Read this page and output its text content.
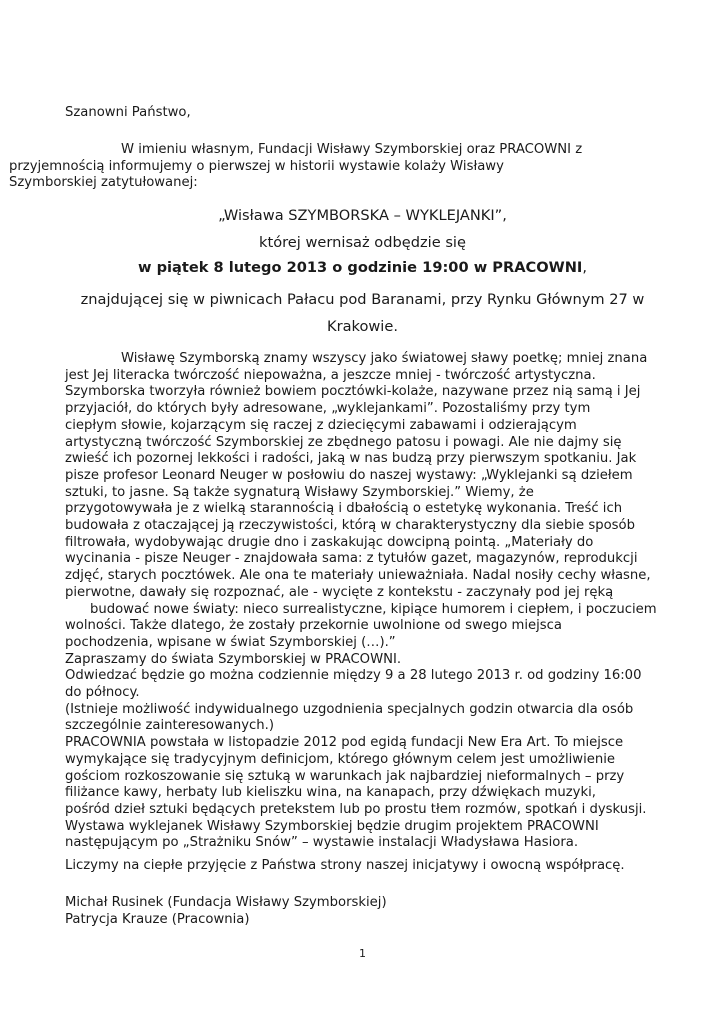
Szanowni Państwo,

W imieniu własnym, Fundacji Wisławy Szymborskiej oraz PRACOWNI z
przyjemnością informujemy o pierwszej w historii wystawie kolaży Wisławy
Szymborskiej zatytułowanej:

„Wisława SZYMBORSKA – WYKLEJANKI”,

której wernisaż odbędzie się

w piątek 8 lutego 2013 o godzinie 19:00 w PRACOWNI,

znajdującej się w piwnicach Pałacu pod Baranami, przy Rynku Głównym 27 w
Krakowie.
Wisławę Szymborską znamy wszyscy jako światowej sławy poetkę; mniej znana
jest Jej literacka twórczość niepoważna, a jeszcze mniej - twórczość artystyczna.
Szymborska tworzyła również bowiem pocztówki-kolaże, nazywane przez nią samą i Jej
przyjaciół, do których były adresowane, „wyklejankami”. Pozostaliśmy przy tym
ciepłym słowie, kojarzącym się raczej z dziecięcymi zabawami i odzierającym
artystyczną twórczość Szymborskiej ze zbędnego patosu i powagi. Ale nie dajmy się
zwieść ich pozornej lekkości i radości, jaką w nas budzą przy pierwszym spotkaniu. Jak
pisze profesor Leonard Neuger w posłowiu do naszej wystawy: „Wyklejanki są dziełem
sztuki, to jasne. Są także sygnaturą Wisławy Szymborskiej.” Wiemy, że
przygotowywała je z wielką starannością i dbałością o estetykę wykonania. Treść ich
budowała z otaczającej ją rzeczywistości, którą w charakterystyczny dla siebie sposób
filtrowała, wydobywając drugie dno i zaskakując dowcipną pointą. „Materiały do
wycinania - pisze Neuger - znajdowała sama: z tytułów gazet, magazynów, reprodukcji
zdjęć, starych pocztówek. Ale ona te materiały unieważniała. Nadal nosiły cechy własne,
pierwotne, dawały się rozpoznać, ale - wycięte z kontekstu - zaczynały pod jej ręką
budować nowe światy: nieco surrealistyczne, kipiące humorem i ciepłem, i poczuciem
wolności. Także dlatego, że zostały przekornie uwolnione od swego miejsca
pochodzenia, wpisane w świat Szymborskiej (…).”
Zapraszamy do świata Szymborskiej w PRACOWNI.
Odwiedzać będzie go można codziennie między 9 a 28 lutego 2013 r. od godziny 16:00
do północy.
(Istnieje możliwość indywidualnego uzgodnienia specjalnych godzin otwarcia dla osób
szczególnie zainteresowanych.)
PRACOWNIA powstała w listopadzie 2012 pod egidą fundacji New Era Art. To miejsce
wymykające się tradycyjnym definicjom, którego głównym celem jest umożliwienie
gościom rozkoszowanie się sztuką w warunkach jak najbardziej nieformalnych – przy
filiżance kawy, herbaty lub kieliszku wina, na kanapach, przy dźwiękach muzyki,
pośród dzieł sztuki będących pretekstem lub po prostu tłem rozmów, spotkań i dyskusji.
Wystawa wyklejanek Wisławy Szymborskiej będzie drugim projektem PRACOWNI
następującym po „Strażniku Snów” – wystawie instalacji Władysława Hasiora.

Liczymy na ciepłe przyjęcie z Państwa strony naszej inicjatywy i owocną współpracę.

Michał Rusinek (Fundacja Wisławy Szymborskiej)
Patrycja Krauze (Pracownia)

1
